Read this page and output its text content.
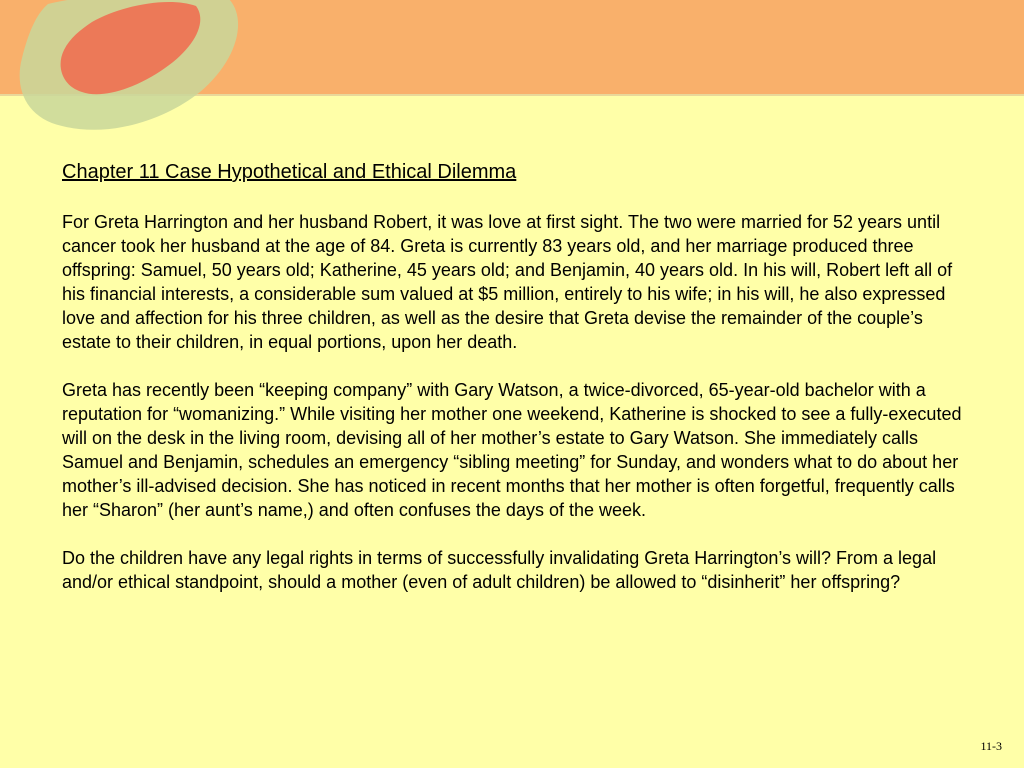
Chapter 11 Case Hypothetical and Ethical Dilemma

For Greta Harrington and her husband Robert, it was love at first sight. The two were married for 52 years until cancer took her husband at the age of 84. Greta is currently 83 years old, and her marriage produced three offspring: Samuel, 50 years old; Katherine, 45 years old; and Benjamin, 40 years old. In his will, Robert left all of his financial interests, a considerable sum valued at $5 million, entirely to his wife; in his will, he also expressed love and affection for his three children, as well as the desire that Greta devise the remainder of the couple’s estate to their children, in equal portions, upon her death.

Greta has recently been “keeping company” with Gary Watson, a twice-divorced, 65-year-old bachelor with a reputation for “womanizing.” While visiting her mother one weekend, Katherine is shocked to see a fully-executed will on the desk in the living room, devising all of her mother’s estate to Gary Watson. She immediately calls Samuel and Benjamin, schedules an emergency “sibling meeting” for Sunday, and wonders what to do about her mother’s ill-advised decision. She has noticed in recent months that her mother is often forgetful, frequently calls her “Sharon” (her aunt’s name,) and often confuses the days of the week.

Do the children have any legal rights in terms of successfully invalidating Greta Harrington’s will? From a legal and/or ethical standpoint, should a mother (even of adult children) be allowed to “disinherit” her offspring?

11-3
